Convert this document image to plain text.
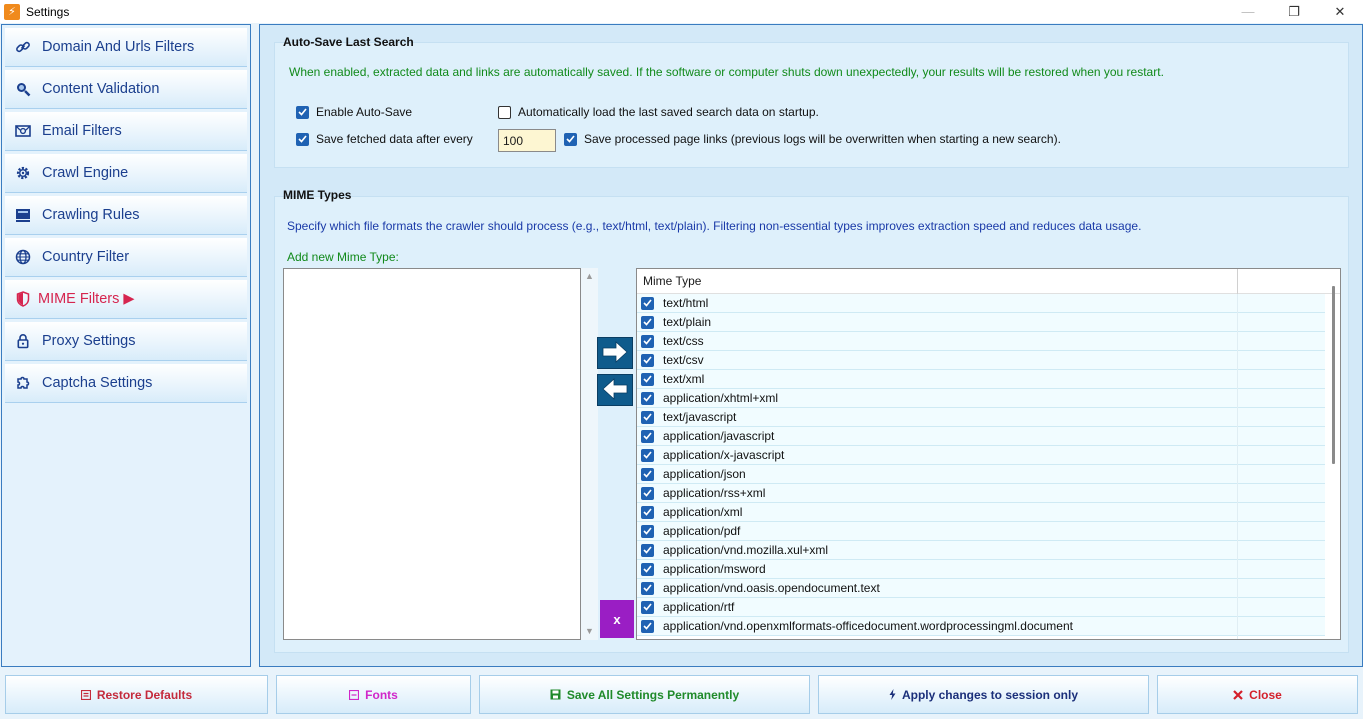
⚡ Settings	—	❐	✕
Domain And Urls Filters
Content Validation
Email Filters
Crawl Engine
Crawling Rules
Country Filter
MIME Filters ▶
Proxy Settings
Captcha Settings
Auto-Save Last Search
When enabled, extracted data and links are automatically saved. If the software or computer shuts down unexpectedly, your results will be restored when you restart.
Enable Auto-Save	Automatically load the last saved search data on startup.
Save fetched data after every	100	Save processed page links (previous logs will be overwritten when starting a new search).
MIME Types
Specify which file formats the crawler should process (e.g., text/html, text/plain). Filtering non-essential types improves extraction speed and reduces data usage.
Add new Mime Type:
▲
▼
x
Mime Type
text/html
text/plain
text/css
text/csv
text/xml
application/xhtml+xml
text/javascript
application/javascript
application/x-javascript
application/json
application/rss+xml
application/xml
application/pdf
application/vnd.mozilla.xul+xml
application/msword
application/vnd.oasis.opendocument.text
application/rtf
application/vnd.openxmlformats-officedocument.wordprocessingml.document
Restore Defaults	Fonts	Save All Settings Permanently	Apply changes to session only	Close
